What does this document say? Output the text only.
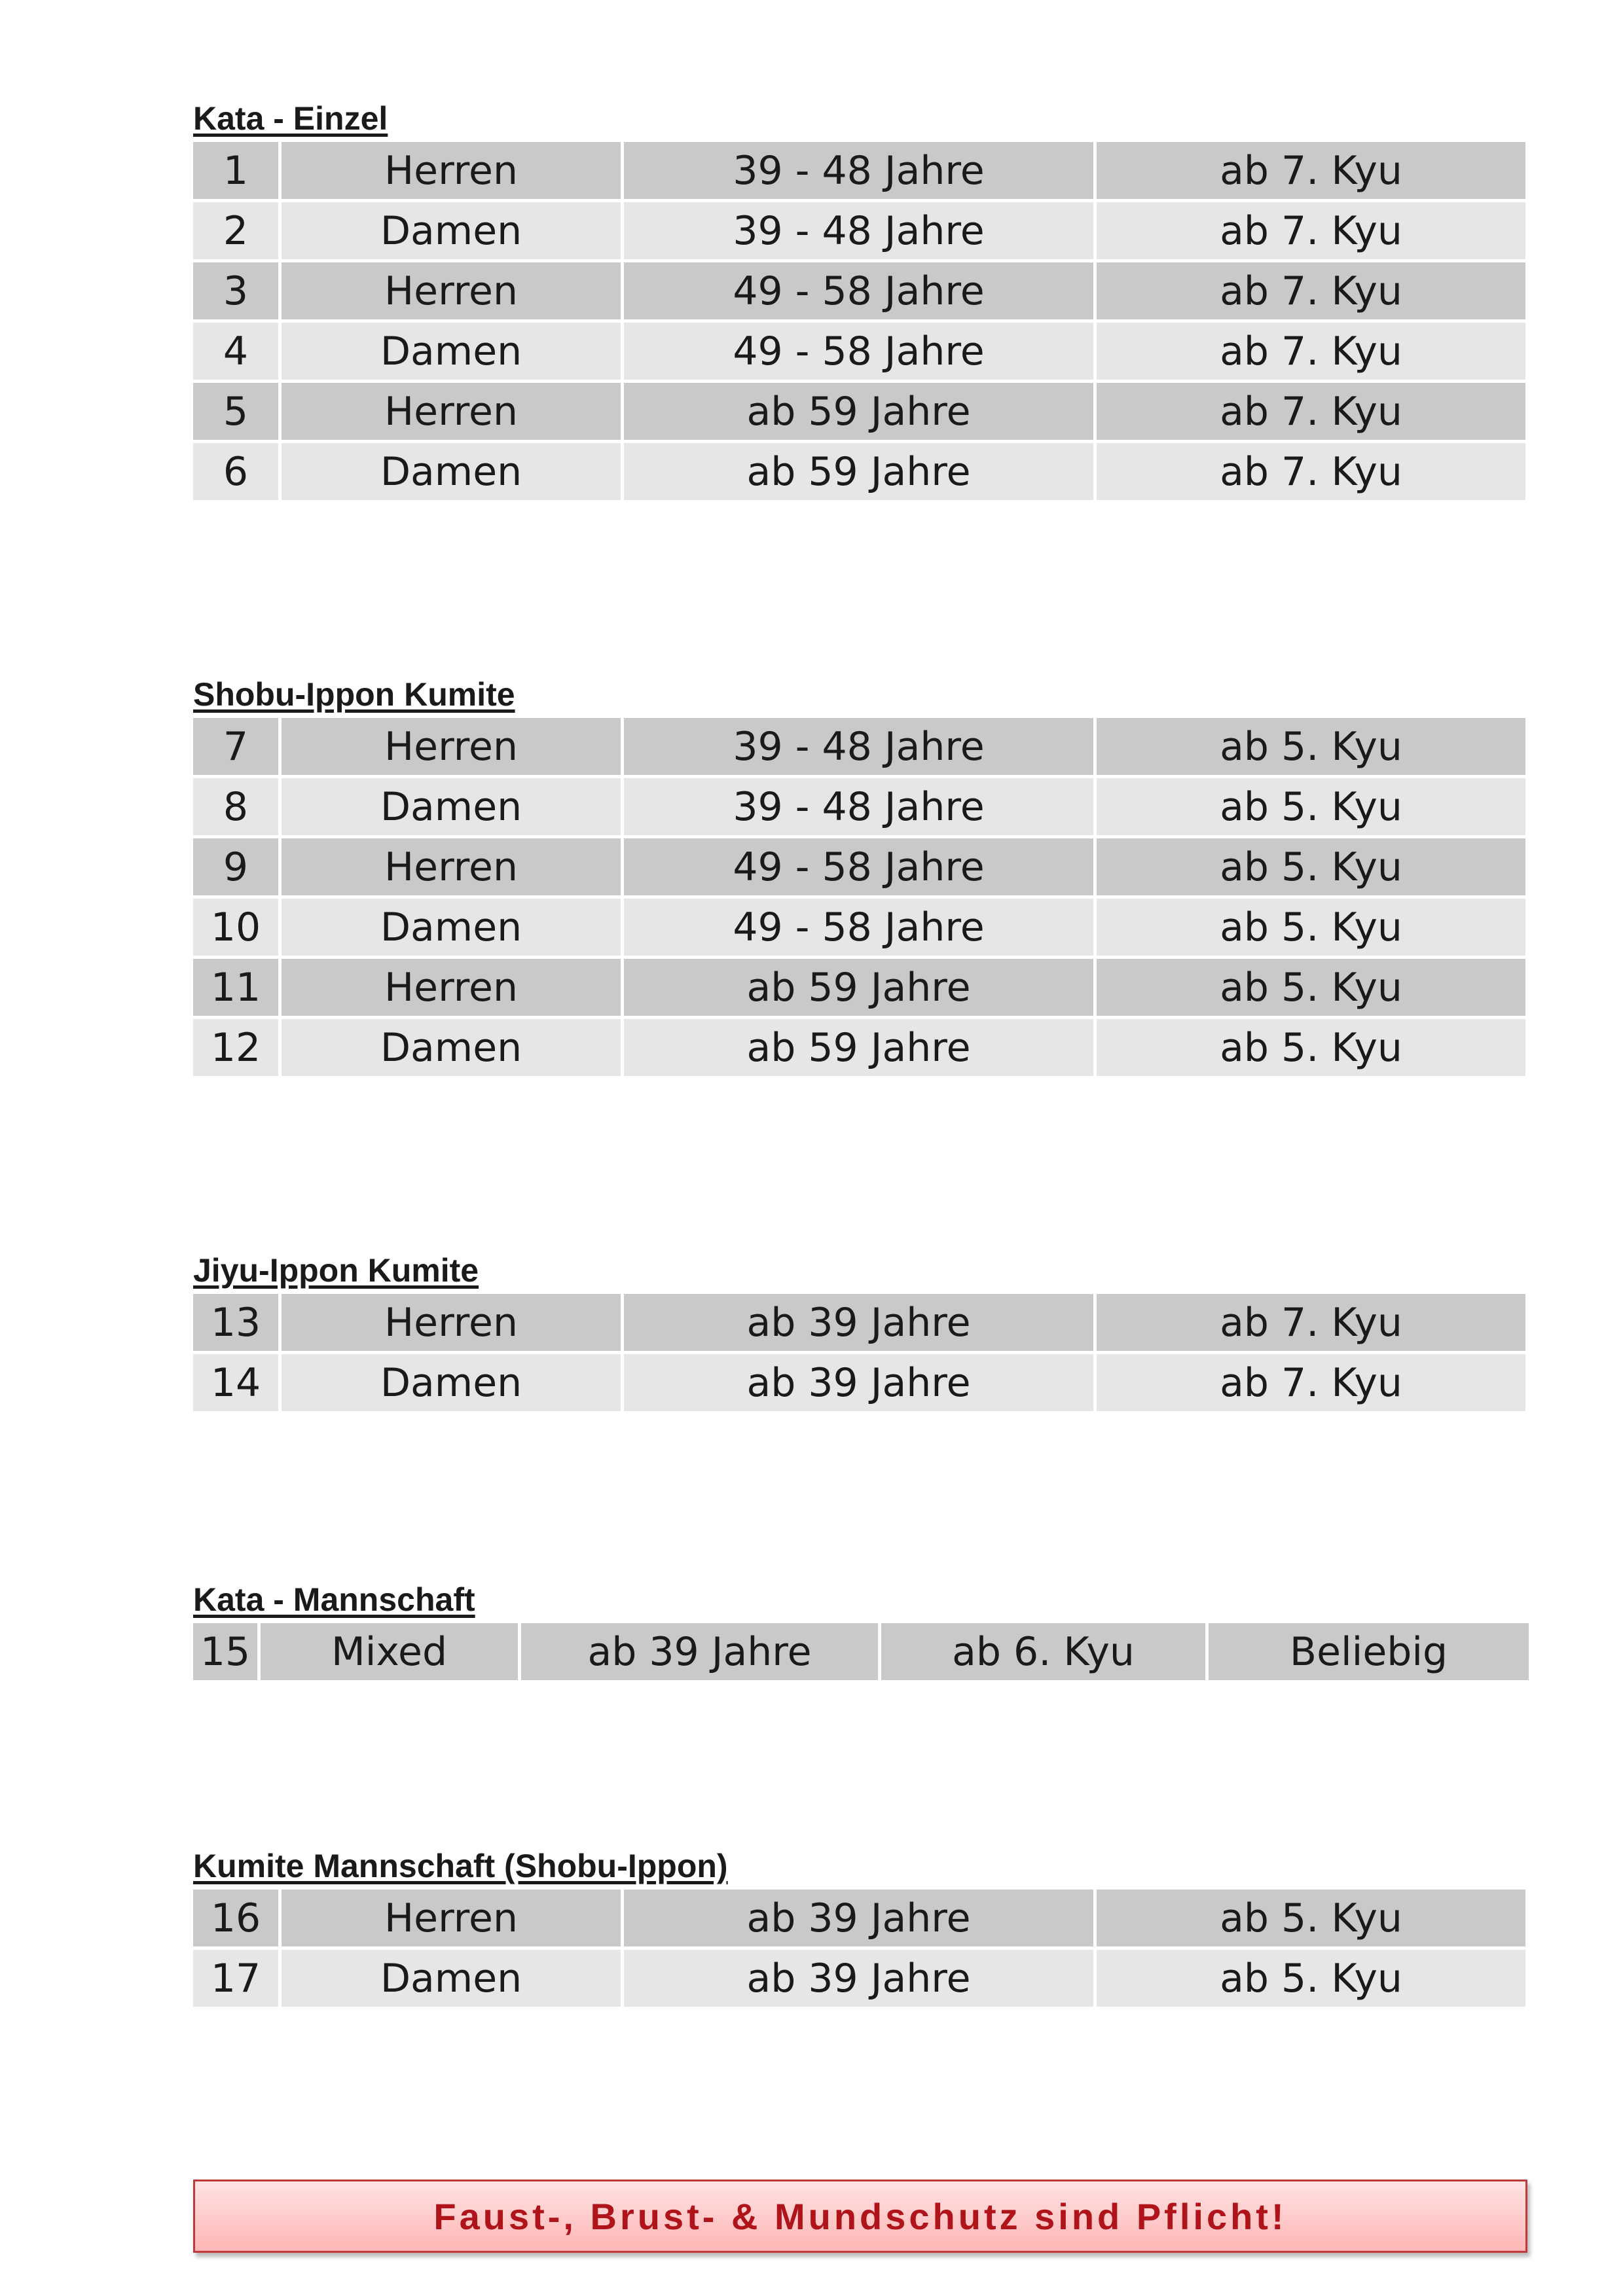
Kata - Einzel
1	Herren	39 - 48 Jahre	ab 7. Kyu
2	Damen	39 - 48 Jahre	ab 7. Kyu
3	Herren	49 - 58 Jahre	ab 7. Kyu
4	Damen	49 - 58 Jahre	ab 7. Kyu
5	Herren	ab 59 Jahre	ab 7. Kyu
6	Damen	ab 59 Jahre	ab 7. Kyu
Shobu-Ippon Kumite
7	Herren	39 - 48 Jahre	ab 5. Kyu
8	Damen	39 - 48 Jahre	ab 5. Kyu
9	Herren	49 - 58 Jahre	ab 5. Kyu
10	Damen	49 - 58 Jahre	ab 5. Kyu
11	Herren	ab 59 Jahre	ab 5. Kyu
12	Damen	ab 59 Jahre	ab 5. Kyu
Jiyu-Ippon Kumite
13	Herren	ab 39 Jahre	ab 7. Kyu
14	Damen	ab 39 Jahre	ab 7. Kyu
Kata - Mannschaft
15	Mixed	ab 39 Jahre	ab 6. Kyu	Beliebig
Kumite Mannschaft (Shobu-Ippon)
16	Herren	ab 39 Jahre	ab 5. Kyu
17	Damen	ab 39 Jahre	ab 5. Kyu
Faust-, Brust- & Mundschutz sind Pflicht!
